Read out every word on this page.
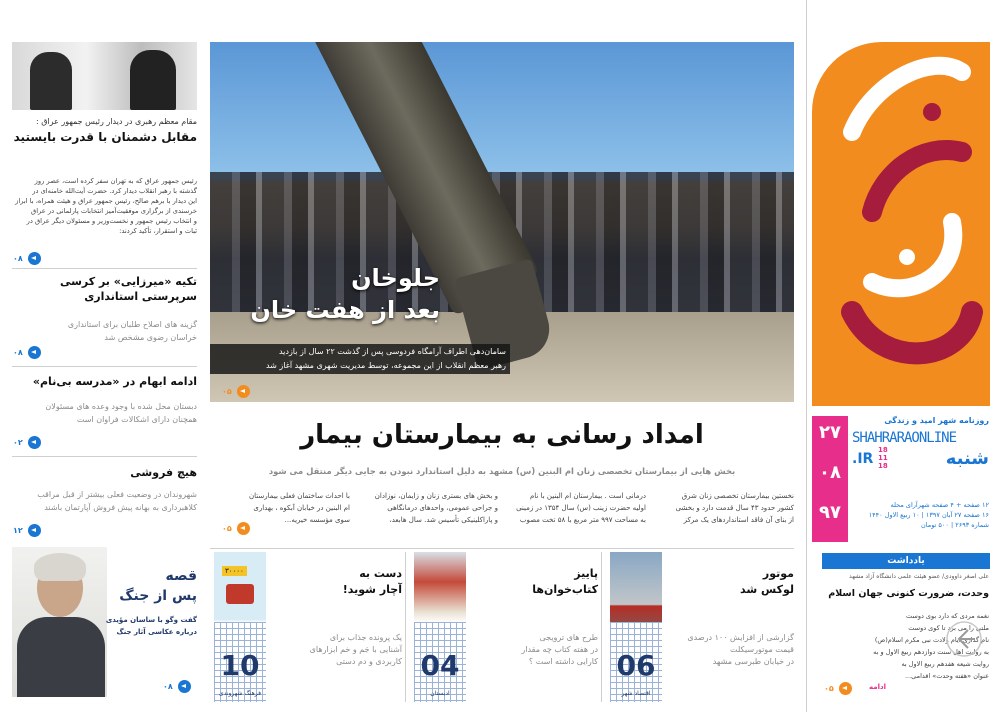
مقام معظم رهبری در دیدار رئیس جمهور عراق :
مقابل دشمنان با قدرت بایستید
رئیس جمهور عراق که به تهران سفر کرده است، عصر روز
گذشته با رهبر انقلاب دیدار کرد. حضرت آیت‌الله خامنه‌ای در
این دیدار با برهم صالح، رئیس جمهور عراق و هیئت همراه، با ابراز
خرسندی از برگزاری موفقیت‌آمیز انتخابات پارلمانی در عراق
و انتخاب رئیس جمهور و نخست‌وزیر و مسئولان دیگر عراق در
ثبات و استقرار، تأکید کردند:
۰۸
تکیه «میرزایی» بر کرسی
سرپرستی استانداری
گزینه های اصلاح طلبان برای استانداری
خراسان رضوی مشخص شد
۰۸
ادامه ابهام در «مدرسه بی‌نام»
دبستان محل شده با وجود وعده های مسئولان
همچنان دارای اشکالات فراوان است
۰۲
هیچ فروشی
شهروندان در وضعیت فعلی بیشتر از قبل مراقب
کلاهبرداری به بهانه پیش فروش آپارتمان باشند
۱۲
قصه
پس از جنگ
گفت وگو با ساسان مؤیدی
درباره عکاسی آثار جنگ
۰۸
جلوخان
بعد از هفت خان
سامان‌دهی اطراف آرامگاه فردوسی پس از گذشت ۲۲ سال از بازدید
رهبر معظم انقلاب از این مجموعه، توسط مدیریت شهری مشهد آغاز شد
۰۵
امداد رسانی به بیمارستان بیمار
بخش هایی از بیمارستان تخصصی زنان ام البنین (س) مشهد به دلیل استاندارد نبودن به جایی دیگر منتقل می شود
نخستین بیمارستان تخصصی زنان شرق
کشور حدود ۴۳ سال قدمت دارد و بخشی
از بنای آن فاقد استانداردهای یک مرکز
درمانی است . بیمارستان ام البنین با نام
اولیه حضرت زینب (س) سال ۱۳۵۴ در زمینی
به مساحت ۹۹۷ متر مربع با ۵۸ تخت مصوب
و بخش های بستری زنان و زایمان، نوزادان
و جراحی عمومی، واحدهای درمانگاهی
و پاراکلینیکی تأسیس شد. سال هابعد،
با احداث ساختمان فعلی بیمارستان
ام البنین در خیابان آبکوه ، بهداری
سوی مؤسسه خیریه...
۰۵
موتور
لوکس شد
گزارشی از افزایش ۱۰۰ درصدی
قیمت موتورسیکلت
در خیابان طبرسی مشهد
06
اقتصاد شهر
پاییز
کتاب‌خوان‌ها
طرح های ترویجی
در هفته کتاب چه مقدار
کارایی داشته است ؟
04
ادبستان
دست به
آچار شوید!
یک پرونده جذاب برای
آشنایی با جَم و خم ابزارهای
کاربردی و دم دستی
۳۰۰۰۰
10
فرهنگ شهروندی
۲۷
۰۸
۹۷
روزنامه شهر امید و زندگی
SHAHRARAONLINE
.IR
18
11
18	شنبه
۱۲ صفحه + ۴ صفحه شهرآرای محله
۱۶ صفحه ۲۷ آبان ۱۳۹۷ | ۱۰ ربیع الاول ۱۴۴۰
شماره ۲۶۹۳ | ۵۰۰ تومان
یادداشت
علی اصغر داوودی/ عضو هیئت علمی دانشگاه آزاد مشهد
وحدت، ضرورت کنونی جهان اسلام
نغمه مردی که دارد بوی دوست
ملتی را می برد تا کوی دوست
نام گذاری ایام ولادت نبی مکرم اسلام(ص)
به روایت اهل سنت دوازدهم ربیع الاول و به
روایت شیعه هفدهم ربیع الاول به
عنوان «هفته وحدت» اقدامی...
ادامه
۰۵
